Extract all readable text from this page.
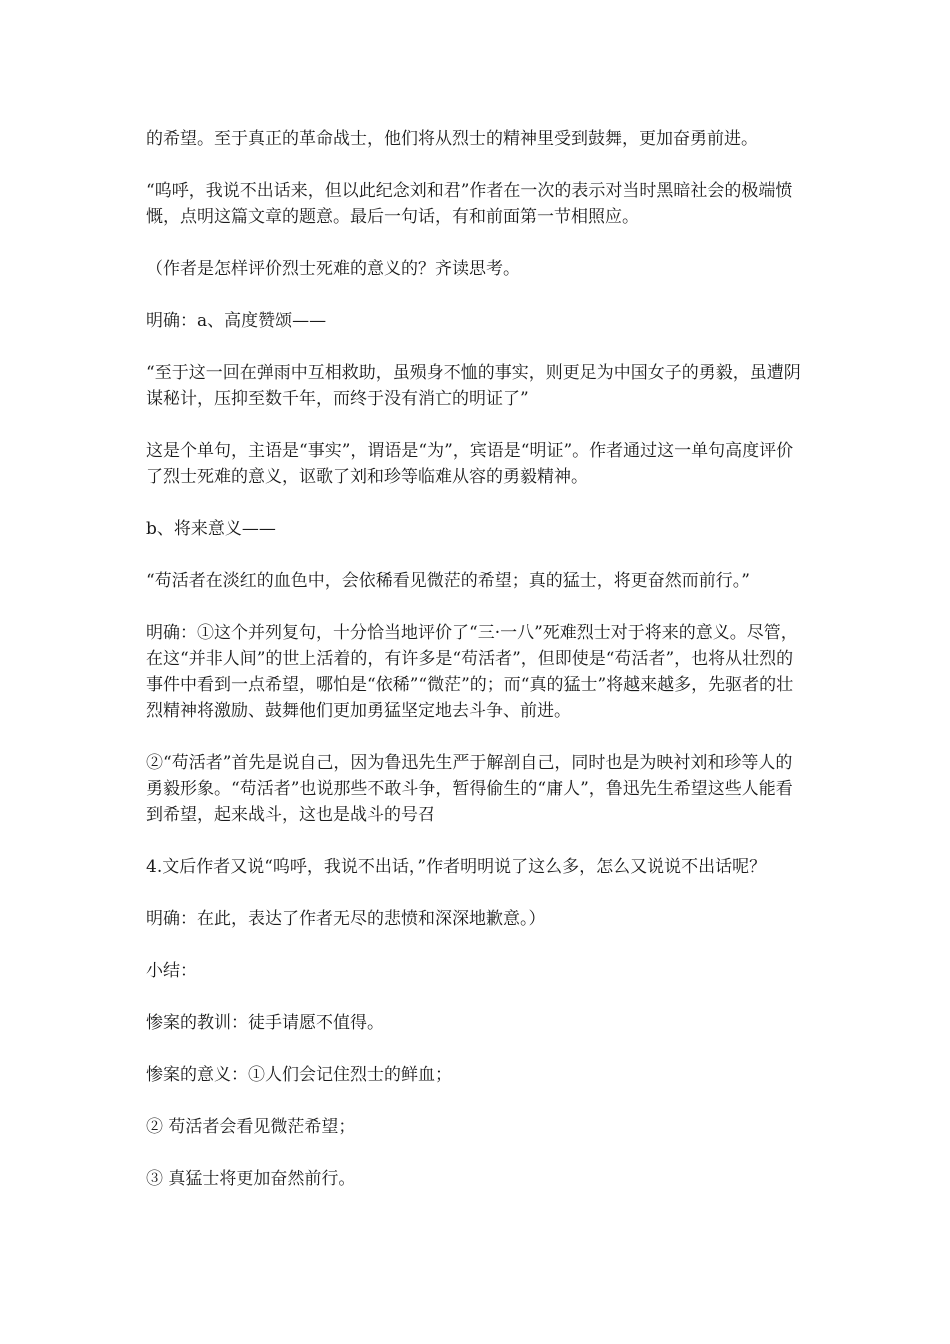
的希望。至于真正的革命战士，他们将从烈士的精神里受到鼓舞，更加奋勇前进。

“呜呼，我说不出话来，但以此纪念刘和君”作者在一次的表示对当时黑暗社会的极端愤慨，点明这篇文章的题意。最后一句话，有和前面第一节相照应。

（作者是怎样评价烈士死难的意义的？齐读思考。

明确：a、高度赞颂——

“至于这一回在弹雨中互相救助，虽殒身不恤的事实，则更足为中国女子的勇毅，虽遭阴谋秘计，压抑至数千年，而终于没有消亡的明证了”

这是个单句，主语是“事实”，谓语是“为”，宾语是“明证”。作者通过这一单句高度评价了烈士死难的意义，讴歌了刘和珍等临难从容的勇毅精神。

b、将来意义——

“苟活者在淡红的血色中，会依稀看见微茫的希望；真的猛士，将更奋然而前行。”

明确：①这个并列复句，十分恰当地评价了“三·一八”死难烈士对于将来的意义。尽管，在这“并非人间”的世上活着的，有许多是“苟活者”，但即使是“苟活者”，也将从壮烈的事件中看到一点希望，哪怕是“依稀”“微茫”的；而“真的猛士”将越来越多，先驱者的壮烈精神将激励、鼓舞他们更加勇猛坚定地去斗争、前进。

②“苟活者”首先是说自己，因为鲁迅先生严于解剖自己，同时也是为映衬刘和珍等人的勇毅形象。“苟活者”也说那些不敢斗争，暂得偷生的“庸人”，鲁迅先生希望这些人能看到希望，起来战斗，这也是战斗的号召

4.文后作者又说“呜呼，我说不出话，”作者明明说了这么多，怎么又说说不出话呢？

明确：在此，表达了作者无尽的悲愤和深深地歉意。）

小结：

惨案的教训：徒手请愿不值得。

惨案的意义：①人们会记住烈士的鲜血；

② 苟活者会看见微茫希望；

③ 真猛士将更加奋然前行。
